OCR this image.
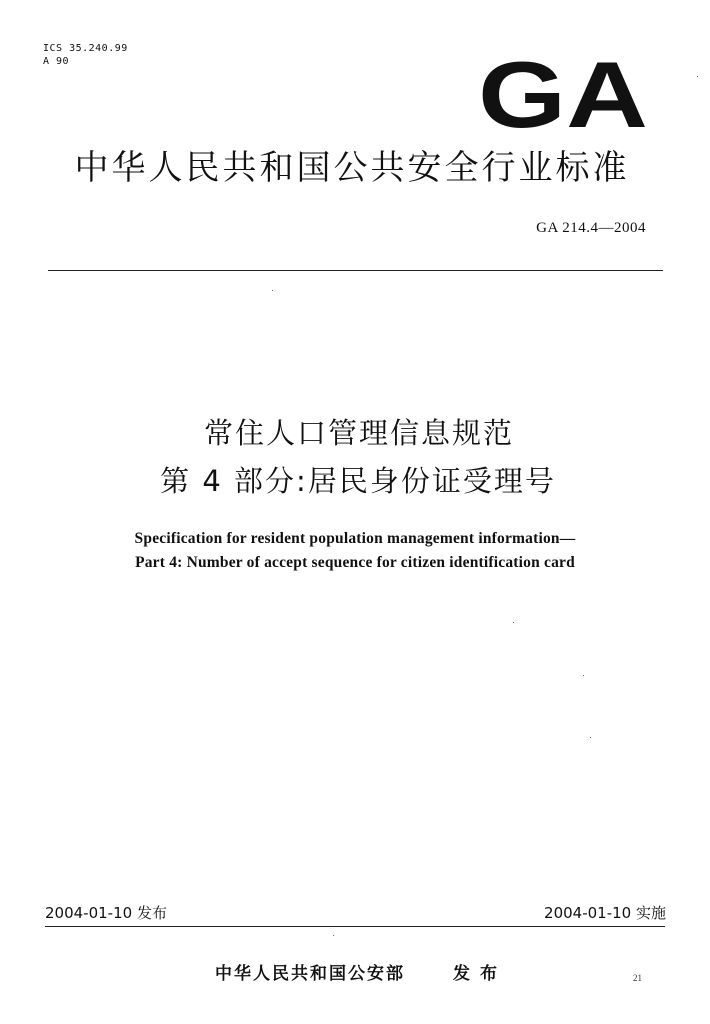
ICS 35.240.99
A 90	GA
中华人民共和国公共安全行业标准
GA 214.4—2004
常住人口管理信息规范
第 4 部分:居民身份证受理号
Specification for resident population management information—
Part 4: Number of accept sequence for citizen identification card
2004-01-10 发布	2004-01-10 实施
中华人民共和国公安部	发布	21
